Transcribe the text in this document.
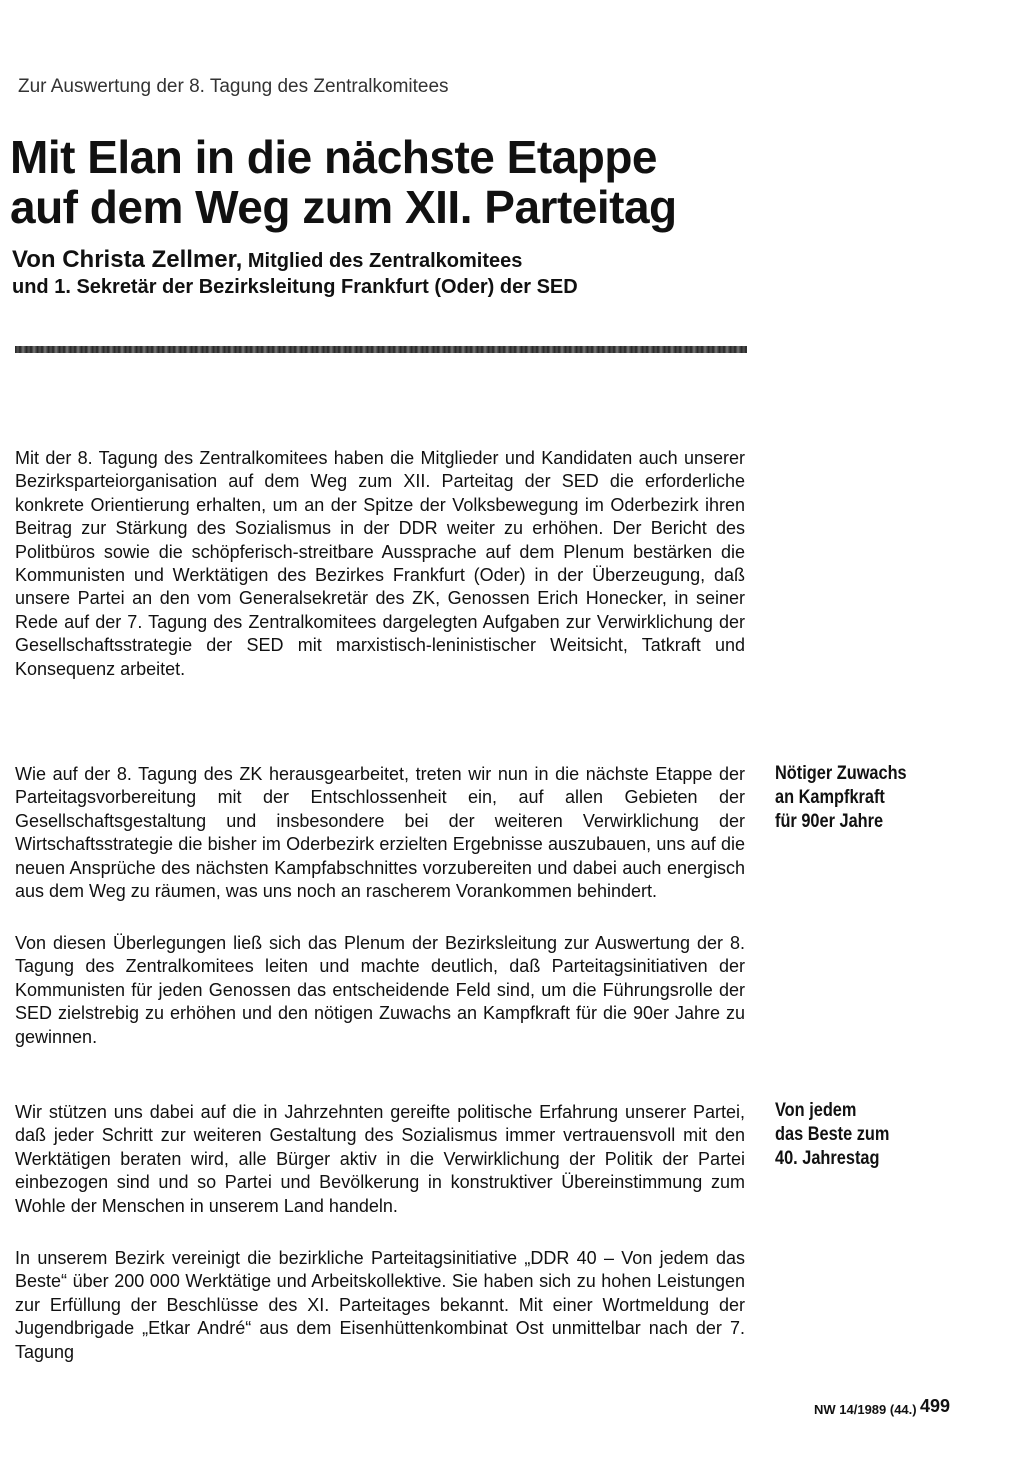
Zur Auswertung der 8. Tagung des Zentralkomitees
Mit Elan in die nächste Etappe
auf dem Weg zum XII. Parteitag
Von Christa Zellmer, Mitglied des Zentralkomitees
und 1. Sekretär der Bezirksleitung Frankfurt (Oder) der SED

Mit der 8. Tagung des Zentralkomitees haben die Mitglieder und Kandidaten auch unserer Bezirksparteiorganisation auf dem Weg zum XII. Parteitag der SED die erforderliche konkrete Orientierung erhalten, um an der Spitze der Volksbewegung im Oderbezirk ihren Beitrag zur Stärkung des Sozialismus in der DDR weiter zu erhöhen. Der Bericht des Politbüros sowie die schöpferisch-streitbare Aussprache auf dem Plenum bestärken die Kommunisten und Werktätigen des Bezirkes Frankfurt (Oder) in der Überzeugung, daß unsere Partei an den vom Generalsekretär des ZK, Genossen Erich Honecker, in seiner Rede auf der 7. Tagung des Zentralkomitees dargelegten Aufgaben zur Verwirklichung der Gesellschaftsstrategie der SED mit marxistisch-leninistischer Weitsicht, Tatkraft und Konsequenz arbeitet.

Wie auf der 8. Tagung des ZK herausgearbeitet, treten wir nun in die nächste Etappe der Parteitagsvorbereitung mit der Entschlossenheit ein, auf allen Gebieten der Gesellschaftsgestaltung und insbesondere bei der weiteren Verwirklichung der Wirtschaftsstrategie die bisher im Oderbezirk erzielten Ergebnisse auszubauen, uns auf die neuen Ansprüche des nächsten Kampfabschnittes vorzubereiten und dabei auch energisch aus dem Weg zu räumen, was uns noch an rascherem Vorankommen behindert.

Von diesen Überlegungen ließ sich das Plenum der Bezirksleitung zur Auswertung der 8. Tagung des Zentralkomitees leiten und machte deutlich, daß Parteitagsinitiativen der Kommunisten für jeden Genossen das entscheidende Feld sind, um die Führungsrolle der SED zielstrebig zu erhöhen und den nötigen Zuwachs an Kampfkraft für die 90er Jahre zu gewinnen.

Wir stützen uns dabei auf die in Jahrzehnten gereifte politische Erfahrung unserer Partei, daß jeder Schritt zur weiteren Gestaltung des Sozialismus immer vertrauensvoll mit den Werktätigen beraten wird, alle Bürger aktiv in die Verwirklichung der Politik der Partei einbezogen sind und so Partei und Bevölkerung in konstruktiver Übereinstimmung zum Wohle der Menschen in unserem Land handeln.

In unserem Bezirk vereinigt die bezirkliche Parteitagsinitiative „DDR 40 – Von jedem das Beste“ über 200 000 Werktätige und Arbeitskollektive. Sie haben sich zu hohen Leistungen zur Erfüllung der Beschlüsse des XI. Parteitages bekannt. Mit einer Wortmeldung der Jugendbrigade „Etkar André“ aus dem Eisenhüttenkombinat Ost unmittelbar nach der 7. Tagung

Nötiger Zuwachs
an Kampfkraft
für 90er Jahre
Von jedem
das Beste zum
40. Jahrestag
NW 14/1989 (44.) 499
